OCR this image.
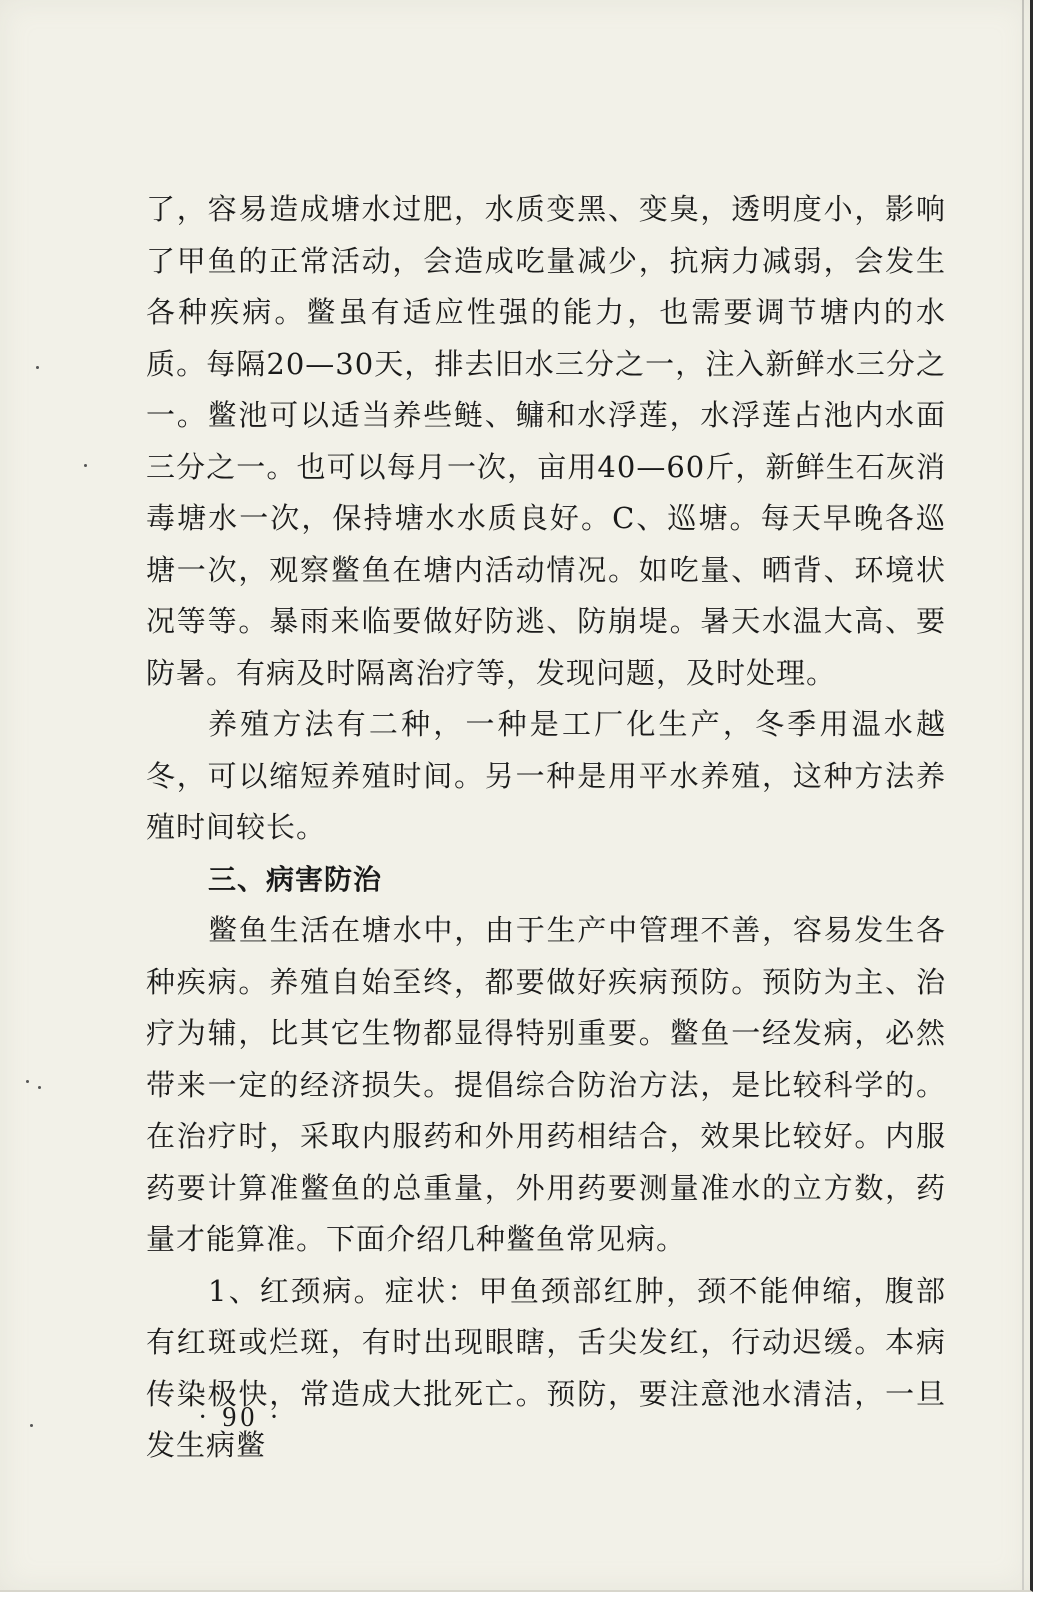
了，容易造成塘水过肥，水质变黑、变臭，透明度小，影响了甲鱼的正常活动，会造成吃量减少，抗病力减弱，会发生各种疾病。鳖虽有适应性强的能力，也需要调节塘内的水质。每隔20—30天，排去旧水三分之一，注入新鲜水三分之一。鳖池可以适当养些鲢、鳙和水浮莲，水浮莲占池内水面三分之一。也可以每月一次，亩用40—60斤，新鲜生石灰消毒塘水一次，保持塘水水质良好。C、巡塘。每天早晚各巡塘一次，观察鳖鱼在塘内活动情况。如吃量、晒背、环境状况等等。暴雨来临要做好防逃、防崩堤。暑天水温大高、要防暑。有病及时隔离治疗等，发现问题，及时处理。

养殖方法有二种，一种是工厂化生产，冬季用温水越冬，可以缩短养殖时间。另一种是用平水养殖，这种方法养殖时间较长。

三、病害防治

鳖鱼生活在塘水中，由于生产中管理不善，容易发生各种疾病。养殖自始至终，都要做好疾病预防。预防为主、治疗为辅，比其它生物都显得特别重要。鳖鱼一经发病，必然带来一定的经济损失。提倡综合防治方法，是比较科学的。在治疗时，采取内服药和外用药相结合，效果比较好。内服药要计算准鳖鱼的总重量，外用药要测量准水的立方数，药量才能算准。下面介绍几种鳖鱼常见病。

1、红颈病。症状：甲鱼颈部红肿，颈不能伸缩，腹部有红斑或烂斑，有时出现眼瞎，舌尖发红，行动迟缓。本病传染极快，常造成大批死亡。预防，要注意池水清洁，一旦发生病鳖

· 90 ·
